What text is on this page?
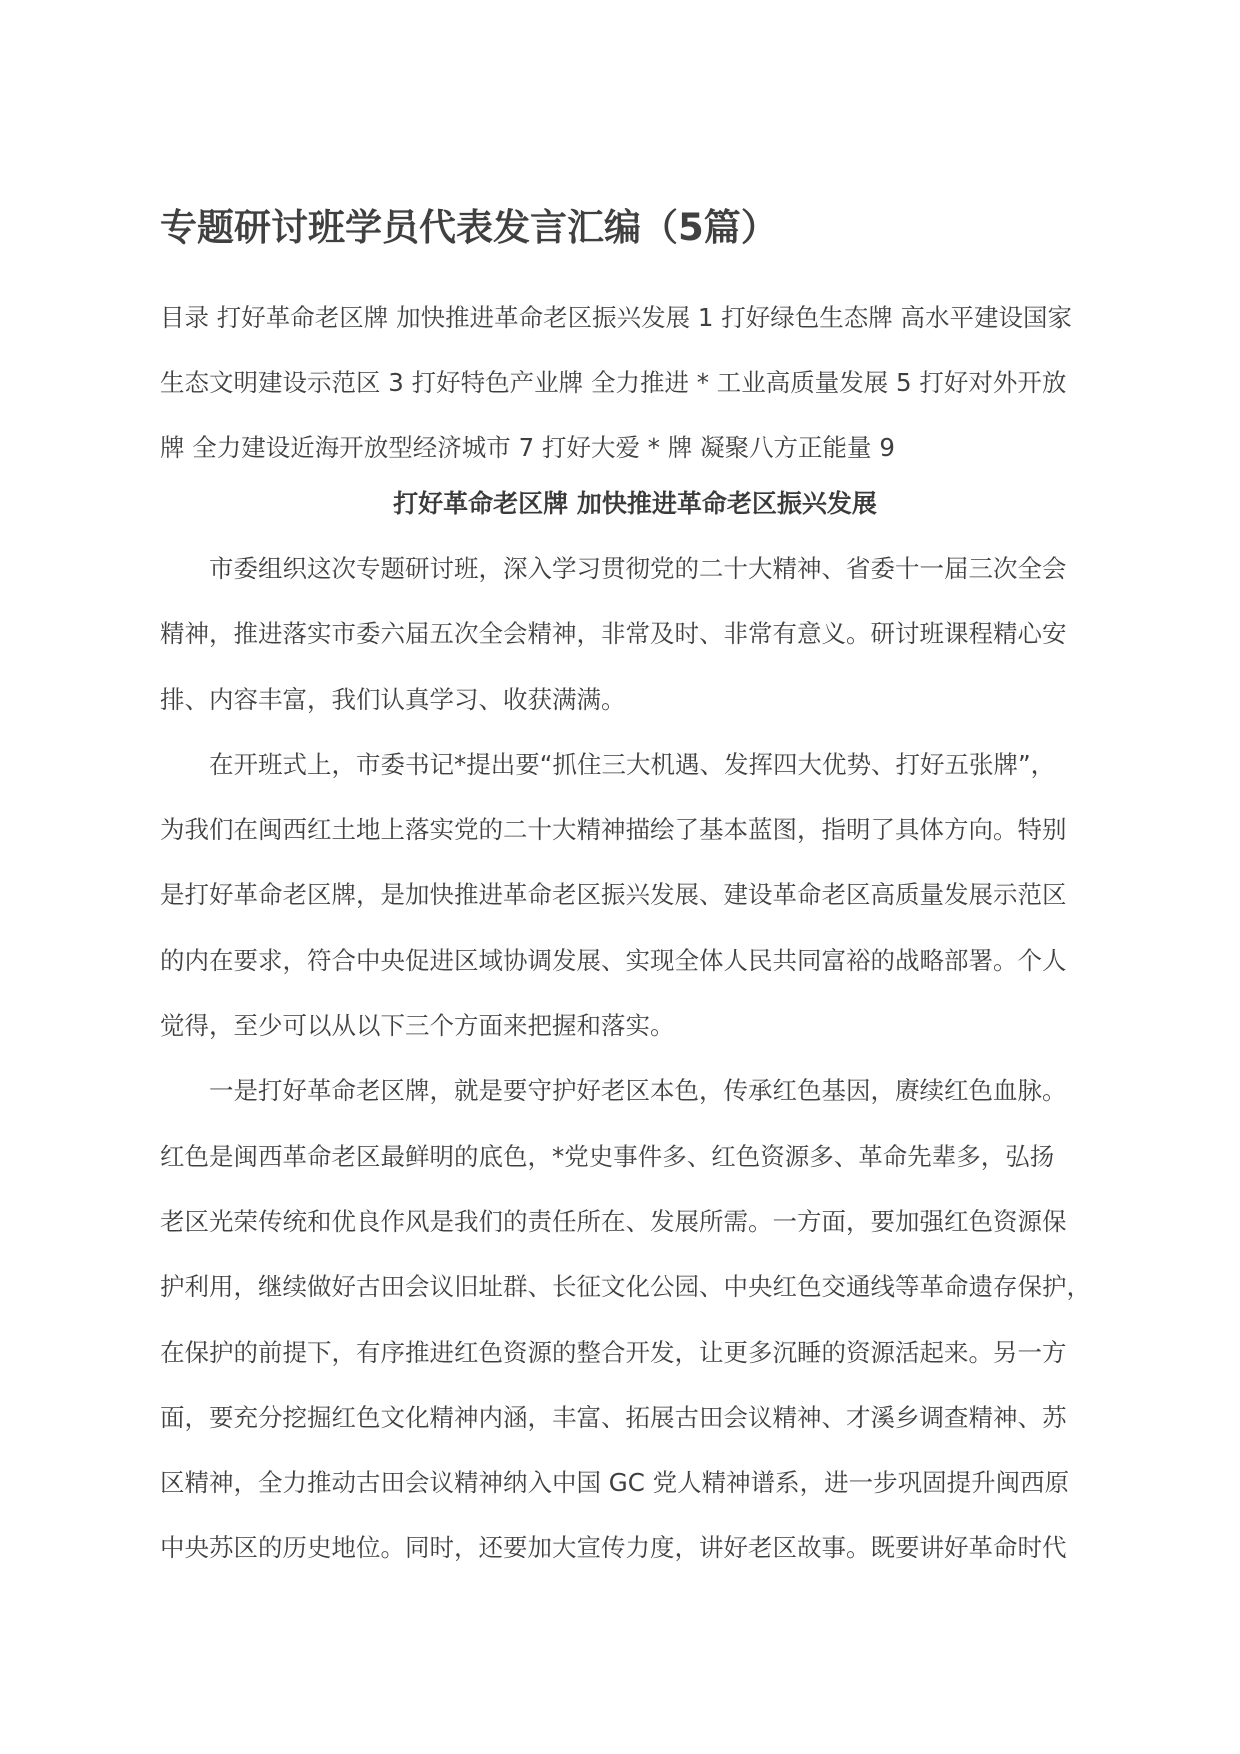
专题研讨班学员代表发言汇编（5篇）
目录 打好革命老区牌 加快推进革命老区振兴发展 1 打好绿色生态牌 高水平建设国家
生态文明建设示范区 3 打好特色产业牌 全力推进 * 工业高质量发展 5 打好对外开放
牌 全力建设近海开放型经济城市 7 打好大爱 * 牌 凝聚八方正能量 9
打好革命老区牌 加快推进革命老区振兴发展
市委组织这次专题研讨班，深入学习贯彻党的二十大精神、省委十一届三次全会
精神，推进落实市委六届五次全会精神，非常及时、非常有意义。研讨班课程精心安
排、内容丰富，我们认真学习、收获满满。
在开班式上，市委书记*提出要“抓住三大机遇、发挥四大优势、打好五张牌”，
为我们在闽西红土地上落实党的二十大精神描绘了基本蓝图，指明了具体方向。特别
是打好革命老区牌，是加快推进革命老区振兴发展、建设革命老区高质量发展示范区
的内在要求，符合中央促进区域协调发展、实现全体人民共同富裕的战略部署。个人
觉得，至少可以从以下三个方面来把握和落实。
一是打好革命老区牌，就是要守护好老区本色，传承红色基因，赓续红色血脉。
红色是闽西革命老区最鲜明的底色，*党史事件多、红色资源多、革命先辈多，弘扬
老区光荣传统和优良作风是我们的责任所在、发展所需。一方面，要加强红色资源保
护利用，继续做好古田会议旧址群、长征文化公园、中央红色交通线等革命遗存保护，
在保护的前提下，有序推进红色资源的整合开发，让更多沉睡的资源活起来。另一方
面，要充分挖掘红色文化精神内涵，丰富、拓展古田会议精神、才溪乡调查精神、苏
区精神，全力推动古田会议精神纳入中国 GC 党人精神谱系，进一步巩固提升闽西原
中央苏区的历史地位。同时，还要加大宣传力度，讲好老区故事。既要讲好革命时代
